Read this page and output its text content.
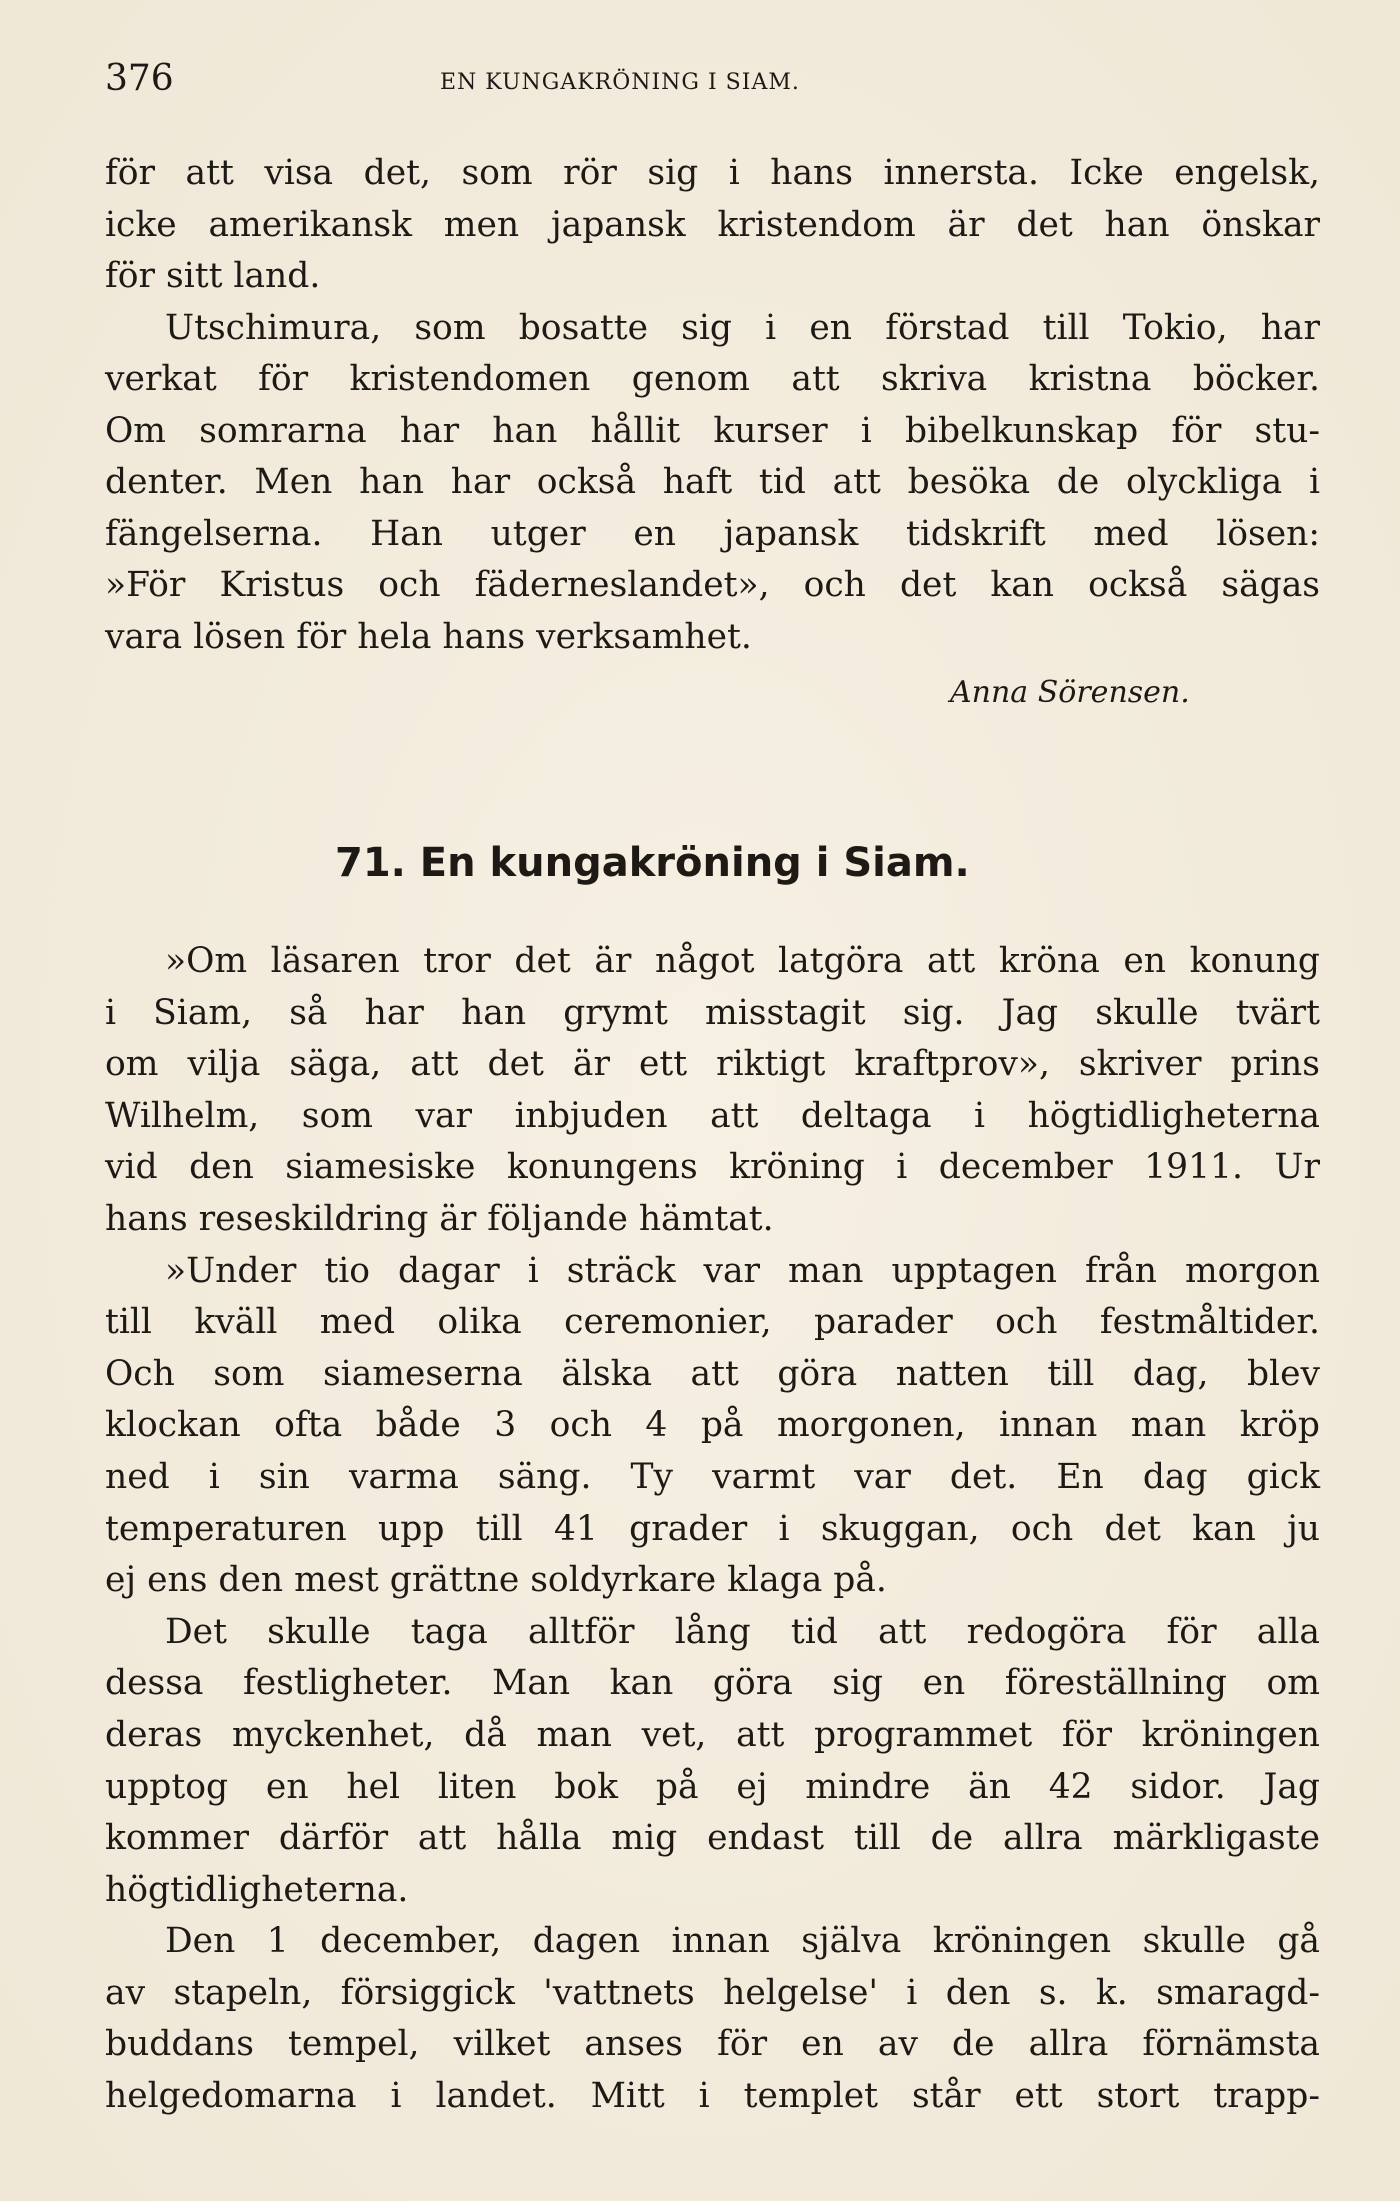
376	EN KUNGAKRÖNING I SIAM.
för att visa det, som rör sig i hans innersta. Icke engelsk,
icke amerikansk men japansk kristendom är det han önskar
för sitt land.
Utschimura, som bosatte sig i en förstad till Tokio, har
verkat för kristendomen genom att skriva kristna böcker.
Om somrarna har han hållit kurser i bibelkunskap för stu-
denter. Men han har också haft tid att besöka de olyckliga i
fängelserna. Han utger en japansk tidskrift med lösen:
»För Kristus och fäderneslandet», och det kan också sägas
vara lösen för hela hans verksamhet.
Anna Sörensen.
71. En kungakröning i Siam.
»Om läsaren tror det är något latgöra att kröna en konung
i Siam, så har han grymt misstagit sig. Jag skulle tvärt
om vilja säga, att det är ett riktigt kraftprov», skriver prins
Wilhelm, som var inbjuden att deltaga i högtidligheterna
vid den siamesiske konungens kröning i december 1911. Ur
hans reseskildring är följande hämtat.
»Under tio dagar i sträck var man upptagen från morgon
till kväll med olika ceremonier, parader och festmåltider.
Och som siameserna älska att göra natten till dag, blev
klockan ofta både 3 och 4 på morgonen, innan man kröp
ned i sin varma säng. Ty varmt var det. En dag gick
temperaturen upp till 41 grader i skuggan, och det kan ju
ej ens den mest grättne soldyrkare klaga på.
Det skulle taga alltför lång tid att redogöra för alla
dessa festligheter. Man kan göra sig en föreställning om
deras myckenhet, då man vet, att programmet för kröningen
upptog en hel liten bok på ej mindre än 42 sidor. Jag
kommer därför att hålla mig endast till de allra märkligaste
högtidligheterna.
Den 1 december, dagen innan själva kröningen skulle gå
av stapeln, försiggick 'vattnets helgelse' i den s. k. smaragd-
buddans tempel, vilket anses för en av de allra förnämsta
helgedomarna i landet. Mitt i templet står ett stort trapp-
